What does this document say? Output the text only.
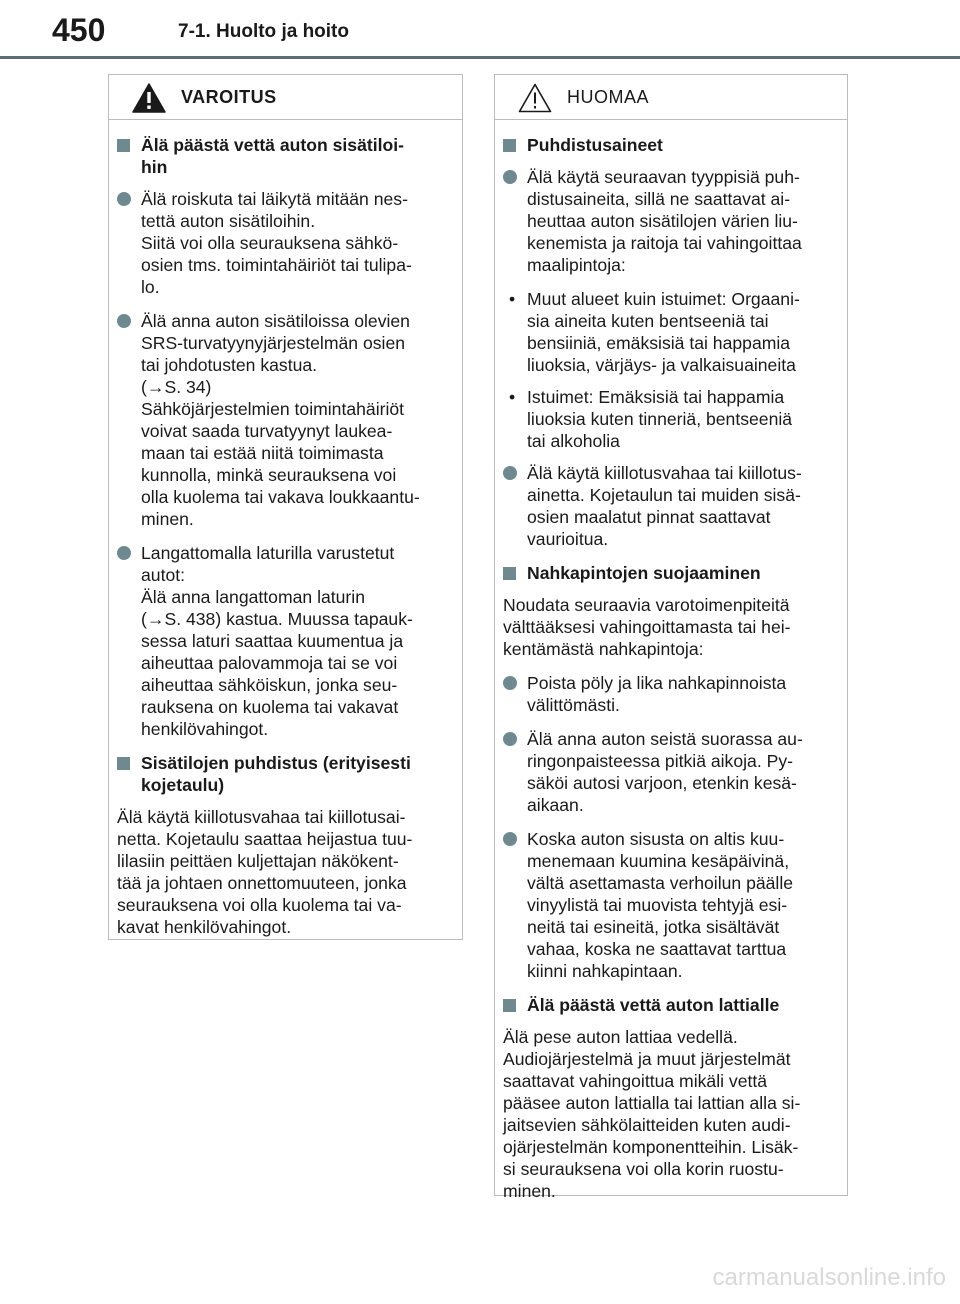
450	7-1. Huolto ja hoito
VAROITUS
Älä päästä vettä auton sisätiloi-
hin
Älä roiskuta tai läikytä mitään nes-
tettä auton sisätiloihin.
Siitä voi olla seurauksena sähkö-
osien tms. toimintahäiriöt tai tulipa-
lo.
Älä anna auton sisätiloissa olevien
SRS-turvatyynyjärjestelmän osien
tai johdotusten kastua.
(→S. 34)
Sähköjärjestelmien toimintahäiriöt
voivat saada turvatyynyt laukea-
maan tai estää niitä toimimasta
kunnolla, minkä seurauksena voi
olla kuolema tai vakava loukkaantu-
minen.
Langattomalla laturilla varustetut
autot:
Älä anna langattoman laturin
(→S. 438) kastua. Muussa tapauk-
sessa laturi saattaa kuumentua ja
aiheuttaa palovammoja tai se voi
aiheuttaa sähköiskun, jonka seu-
rauksena on kuolema tai vakavat
henkilövahingot.
Sisätilojen puhdistus (erityisesti
kojetaulu)
Älä käytä kiillotusvahaa tai kiillotusai-
netta. Kojetaulu saattaa heijastua tuu-
lilasiin peittäen kuljettajan näkökent-
tää ja johtaen onnettomuuteen, jonka
seurauksena voi olla kuolema tai va-
kavat henkilövahingot.
HUOMAA
Puhdistusaineet
Älä käytä seuraavan tyyppisiä puh-
distusaineita, sillä ne saattavat ai-
heuttaa auton sisätilojen värien liu-
kenemista ja raitoja tai vahingoittaa
maalipintoja:
• Muut alueet kuin istuimet: Orgaani-
sia aineita kuten bentseeniä tai
bensiiniä, emäksisiä tai happamia
liuoksia, värjäys- ja valkaisuaineita
• Istuimet: Emäksisiä tai happamia
liuoksia kuten tinneriä, bentseeniä
tai alkoholia
Älä käytä kiillotusvahaa tai kiillotus-
ainetta. Kojetaulun tai muiden sisä-
osien maalatut pinnat saattavat
vaurioitua.
Nahkapintojen suojaaminen
Noudata seuraavia varotoimenpiteitä
välttääksesi vahingoittamasta tai hei-
kentämästä nahkapintoja:
Poista pöly ja lika nahkapinnoista
välittömästi.
Älä anna auton seistä suorassa au-
ringonpaisteessa pitkiä aikoja. Py-
säköi autosi varjoon, etenkin kesä-
aikaan.
Koska auton sisusta on altis kuu-
menemaan kuumina kesäpäivinä,
vältä asettamasta verhoilun päälle
vinyylistä tai muovista tehtyjä esi-
neitä tai esineitä, jotka sisältävät
vahaa, koska ne saattavat tarttua
kiinni nahkapintaan.
Älä päästä vettä auton lattialle
Älä pese auton lattiaa vedellä.
Audiojärjestelmä ja muut järjestelmät
saattavat vahingoittua mikäli vettä
pääsee auton lattialla tai lattian alla si-
jaitsevien sähkölaitteiden kuten audi-
ojärjestelmän komponentteihin. Lisäk-
si seurauksena voi olla korin ruostu-
minen.
carmanualsonline.info
